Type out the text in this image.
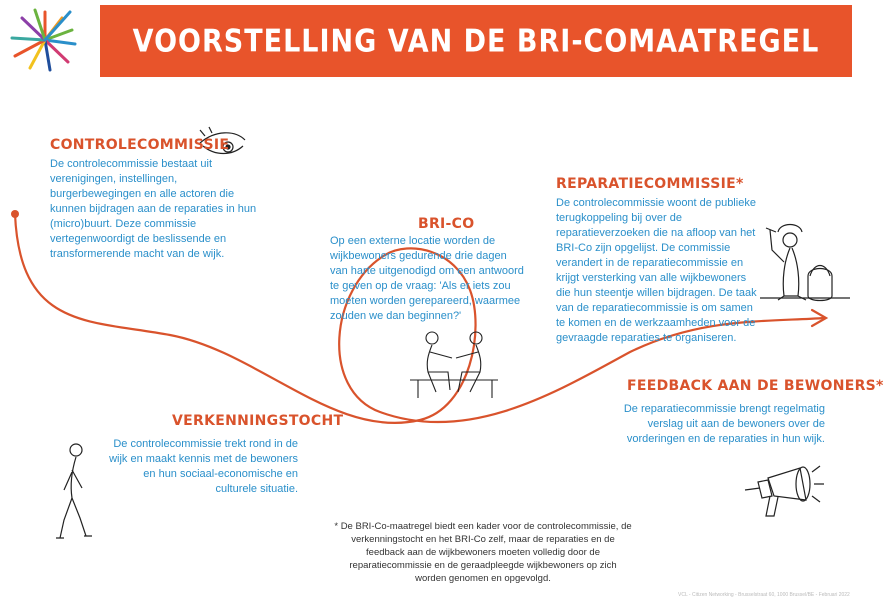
VOORSTELLING VAN DE BRI-COMAATREGEL
CONTROLECOMMISSIE
De controlecommissie bestaat uit verenigingen, instellingen, burgerbewegingen en alle actoren die kunnen bijdragen aan de reparaties in hun (micro)buurt. Deze commissie vertegenwoordigt de beslissende en transformerende macht van de wijk.
BRI-CO
Op een externe locatie worden de wijkbewoners gedurende drie dagen van harte uitgenodigd om een antwoord te geven op de vraag: 'Als er iets zou moeten worden gerepareerd, waarmee zouden we dan beginnen?'
REPARATIECOMMISSIE*
De controlecommissie woont de publieke terugkoppeling bij over de reparatieverzoeken die na afloop van het BRI-Co zijn opgelijst. De commissie verandert in de reparatiecommissie en krijgt versterking van alle wijkbewoners die hun steentje willen bijdragen. De taak van de reparatiecommissie is om samen te komen en de werkzaamheden voor de gevraagde reparaties te organiseren.
VERKENNINGSTOCHT
De controlecommissie trekt rond in de wijk en maakt kennis met de bewoners en hun sociaal-economische en culturele situatie.
FEEDBACK AAN DE BEWONERS*
De reparatiecommissie brengt regelmatig verslag uit aan de bewoners over de vorderingen en de reparaties in hun wijk.
* De BRI-Co-maatregel biedt een kader voor de controlecommissie, de verkenningstocht en het BRI-Co zelf, maar de reparaties en de feedback aan de wijkbewoners moeten volledig door de reparatiecommissie en de geraadpleegde wijkbewoners op zich worden genomen en opgevolgd.
VCL - Citizen Networking - Brusselstraat 60, 1000 Brussel/BE - Februari 2022
